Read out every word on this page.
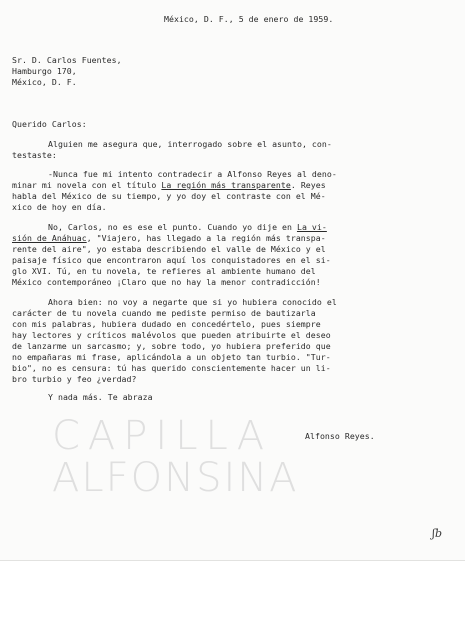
México, D. F., 5 de enero de 1959.
Sr. D. Carlos Fuentes,
Hamburgo 170,
México, D. F.
Querido Carlos:
Alguien me asegura que, interrogado sobre el asunto, con-
testaste:
-Nunca fue mi intento contradecir a Alfonso Reyes al deno-
minar mi novela con el título La región más transparente. Reyes
habla del México de su tiempo, y yo doy el contraste con el Mé-
xico de hoy en día.
No, Carlos, no es ese el punto. Cuando yo dije en La vi-
sión de Anáhuac, "Viajero, has llegado a la región más transpa-
rente del aire", yo estaba describiendo el valle de México y el
paisaje físico que encontraron aquí los conquistadores en el si-
glo XVI. Tú, en tu novela, te refieres al ambiente humano del
México contemporáneo ¡Claro que no hay la menor contradicción!
Ahora bien: no voy a negarte que si yo hubiera conocido el
carácter de tu novela cuando me pediste permiso de bautizarla
con mis palabras, hubiera dudado en concedértelo, pues siempre
hay lectores y críticos malévolos que pueden atribuirte el deseo
de lanzarme un sarcasmo; y, sobre todo, yo hubiera preferido que
no empañaras mi frase, aplicándola a un objeto tan turbio. "Tur-
bio", no es censura: tú has querido conscientemente hacer un li-
bro turbio y feo ¿verdad?
Y nada más. Te abraza
CAPILLA
ALFONSINA
Alfonso Reyes.
ʃb
